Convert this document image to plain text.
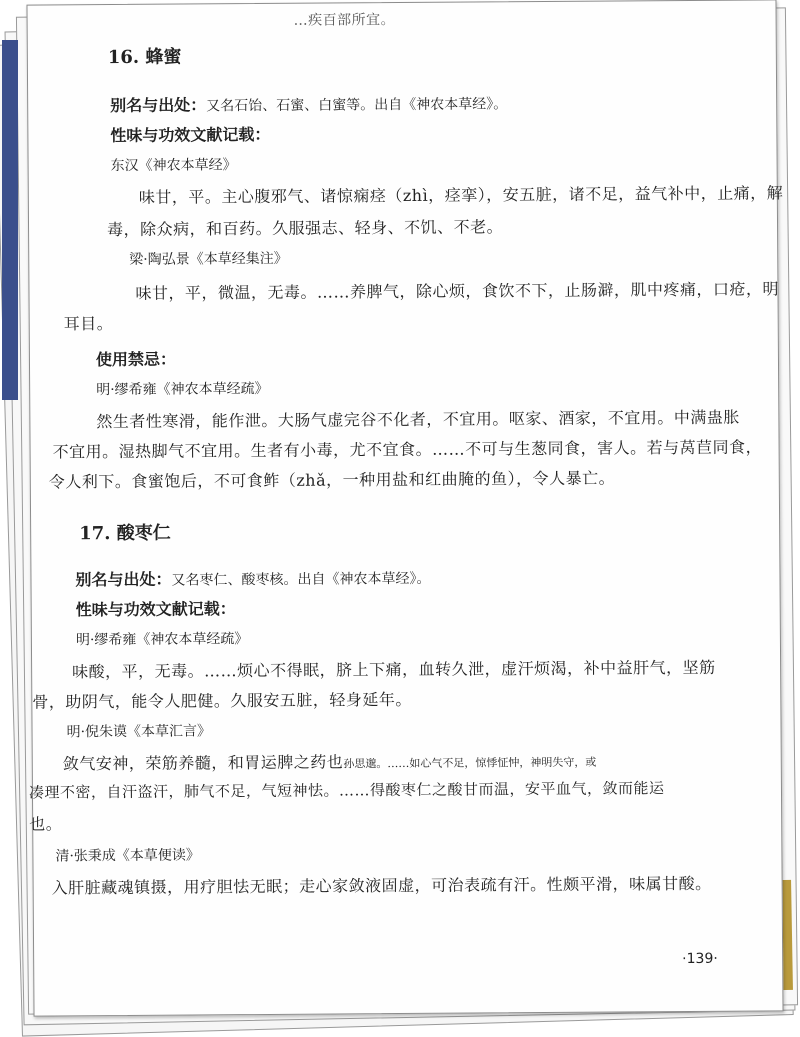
…疾百部所宜。
16. 蜂蜜
别名与出处：又名石饴、石蜜、白蜜等。出自《神农本草经》。
性味与功效文献记载：
东汉《神农本草经》
味甘，平。主心腹邪气、诸惊痫痉（zhì，痉挛），安五脏，诸不足，益气补中，止痛，解
毒，除众病，和百药。久服强志、轻身、不饥、不老。
梁·陶弘景《本草经集注》
味甘，平，微温，无毒。……养脾气，除心烦，食饮不下，止肠澼，肌中疼痛，口疮，明
耳目。
使用禁忌：
明·缪希雍《神农本草经疏》
然生者性寒滑，能作泄。大肠气虚完谷不化者，不宜用。呕家、酒家，不宜用。中满蛊胀
不宜用。湿热脚气不宜用。生者有小毒，尤不宜食。……不可与生葱同食，害人。若与莴苣同食，
令人利下。食蜜饱后，不可食鲊（zhǎ，一种用盐和红曲腌的鱼），令人暴亡。
17. 酸枣仁
别名与出处：又名枣仁、酸枣核。出自《神农本草经》。
性味与功效文献记载：
明·缪希雍《神农本草经疏》
味酸，平，无毒。……烦心不得眠，脐上下痛，血转久泄，虚汗烦渴，补中益肝气，坚筋
骨，助阴气，能令人肥健。久服安五脏，轻身延年。
明·倪朱谟《本草汇言》
敛气安神，荣筋养髓，和胃运脾之药也孙思邈。……如心气不足，惊悸怔忡，神明失守，或
凑理不密，自汗盗汗，肺气不足，气短神怯。……得酸枣仁之酸甘而温，安平血气，敛而能运
也。
清·张秉成《本草便读》
入肝脏藏魂镇摄，用疗胆怯无眠；走心家敛液固虚，可治表疏有汗。性颇平滑，味属甘酸。
·139·
